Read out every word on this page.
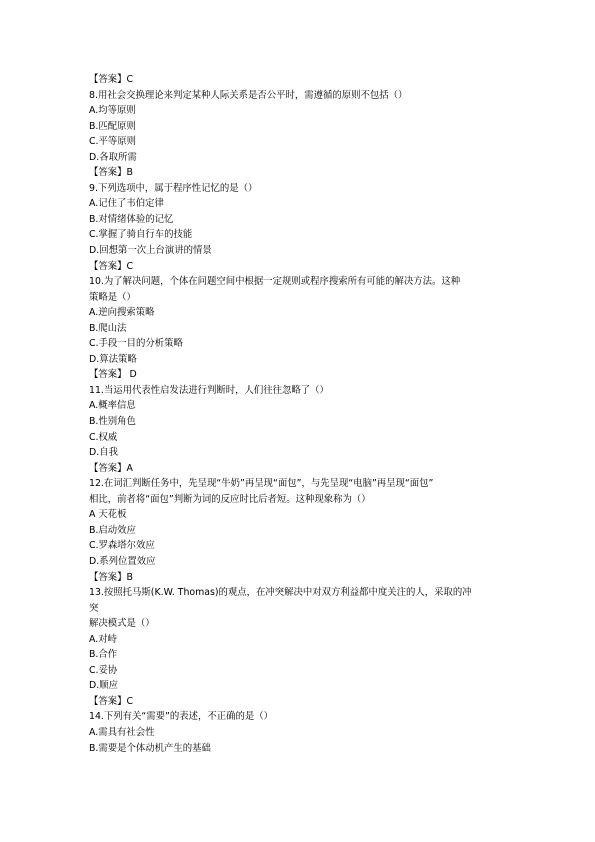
【答案】C
8.用社会交换理论来判定某种人际关系是否公平时，需遵循的原则不包括（）
A.均等原则
B.匹配原则
C.平等原则
D.各取所需
【答案】B
9.下列选项中，属于程序性记忆的是（）
A.记住了韦伯定律
B.对情绪体验的记忆
C.掌握了骑自行车的技能
D.回想第一次上台演讲的情景
【答案】C
10.为了解决问题，个体在问题空间中根据一定规则或程序搜索所有可能的解决方法。这种
策略是（）
A.逆向搜索策略
B.爬山法
C.手段一目的分析策略
D.算法策略
【答案】 D
11.当运用代表性启发法进行判断时，人们往往忽略了（）
A.概率信息
B.性别角色
C.权威
D.自我
【答案】A
12.在词汇判断任务中，先呈现“牛奶”再呈现“面包”，与先呈现“电脑”再呈现“面包”
相比，前者将“面包”判断为词的反应时比后者短。这种现象称为（）
A 天花板
B.启动效应
C.罗森塔尔效应
D.系列位置效应
【答案】B
13.按照托马斯(K.W. Thomas)的观点，在冲突解决中对双方利益都中度关注的人，采取的冲
突
解决模式是（）
A.对峙
B.合作
C.妥协
D.顺应
【答案】C
14.下列有关“需要”的表述，不正确的是（）
A.需具有社会性
B.需要是个体动机产生的基础
